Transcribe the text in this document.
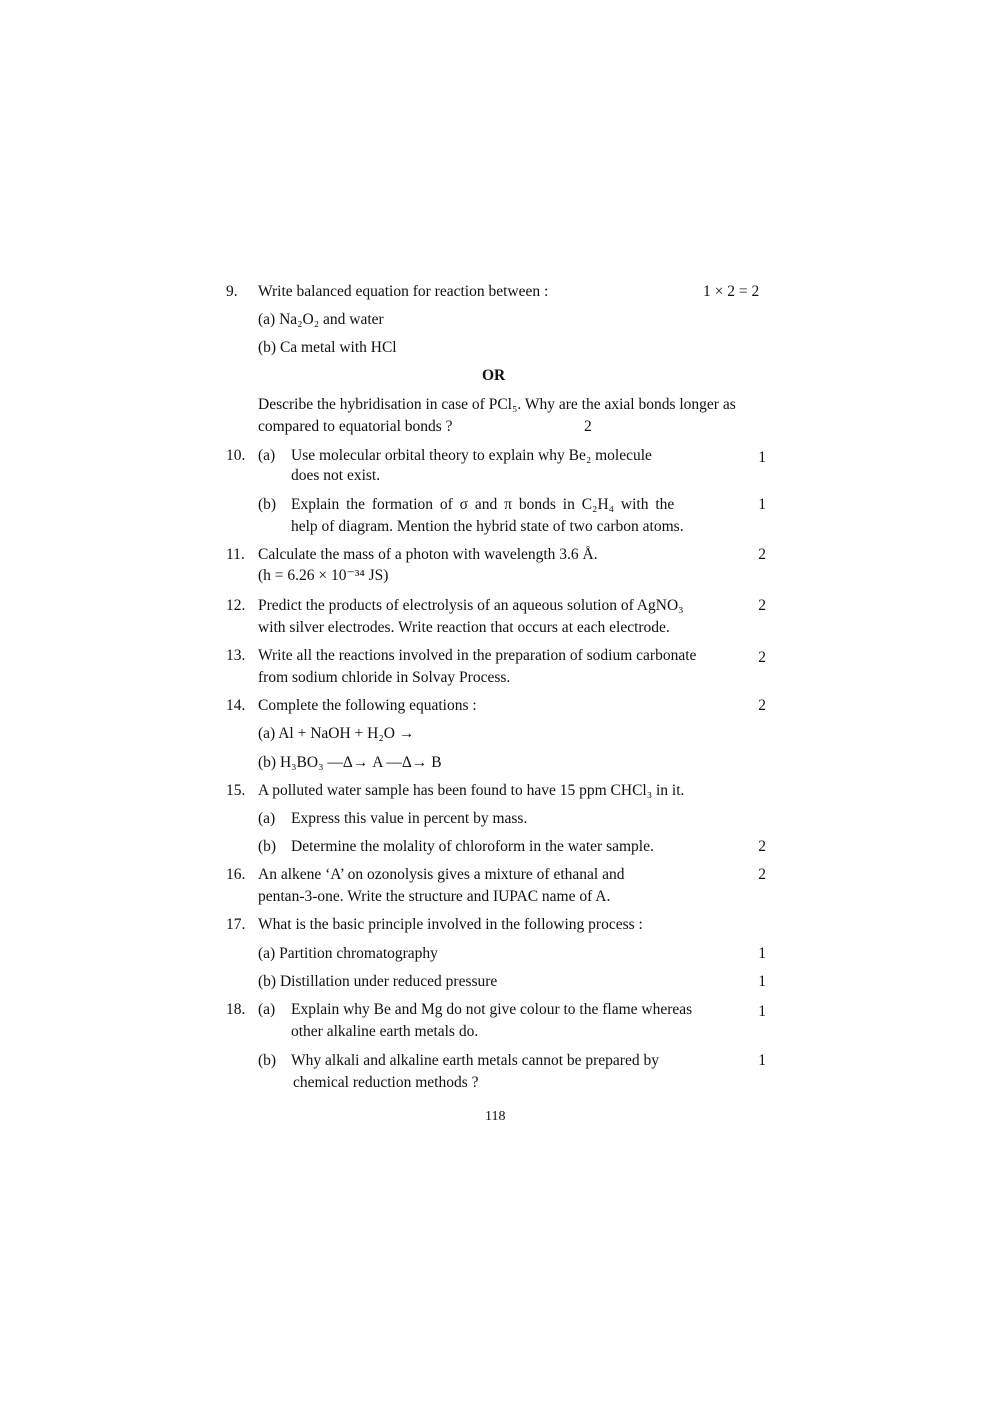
9. Write balanced equation for reaction between :	1 × 2 = 2
(a) Na₂O₂ and water
(b) Ca metal with HCl
OR
Describe the hybridisation in case of PCl₅. Why are the axial bonds longer as
compared to equatorial bonds ?	2
10. (a) Use molecular orbital theory to explain why Be₂ molecule
does not exist.
1
(b) Explain the formation of σ and π bonds in C₂H₄ with the
help of diagram. Mention the hybrid state of two carbon atoms.
1
11. Calculate the mass of a photon with wavelength 3.6 Å.
(h = 6.26 × 10⁻³⁴ JS)
2
12. Predict the products of electrolysis of an aqueous solution of AgNO₃
with silver electrodes. Write reaction that occurs at each electrode.
2
13. Write all the reactions involved in the preparation of sodium carbonate
from sodium chloride in Solvay Process.
2
14. Complete the following equations :	2
(a) Al + NaOH + H₂O →
(b) H₃BO₃ —Δ→ A —Δ→ B
15. A polluted water sample has been found to have 15 ppm CHCl₃ in it.
(a) Express this value in percent by mass.
(b) Determine the molality of chloroform in the water sample.	2
16. An alkene ‘A’ on ozonolysis gives a mixture of ethanal and
pentan-3-one. Write the structure and IUPAC name of A.
2
17. What is the basic principle involved in the following process :
(a) Partition chromatography	1
(b) Distillation under reduced pressure	1
18. (a) Explain why Be and Mg do not give colour to the flame whereas
other alkaline earth metals do.
1
(b) Why alkali and alkaline earth metals cannot be prepared by
chemical reduction methods ?
1
118
